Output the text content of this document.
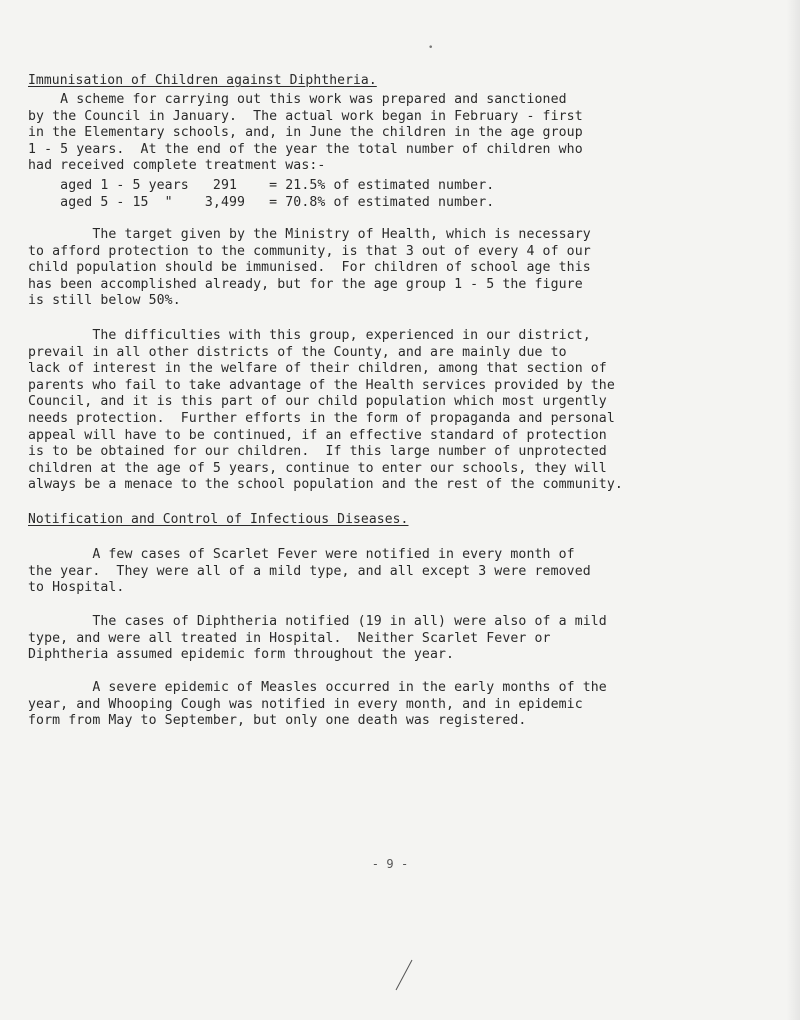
•
Immunisation of Children against Diphtheria.
A scheme for carrying out this work was prepared and sanctioned
by the Council in January.  The actual work began in February - first
in the Elementary schools, and, in June the children in the age group
1 - 5 years.  At the end of the year the total number of children who
had received complete treatment was:-
aged 1 - 5 years   291    = 21.5% of estimated number.
aged 5 - 15  "    3,499   = 70.8% of estimated number.
The target given by the Ministry of Health, which is necessary
to afford protection to the community, is that 3 out of every 4 of our
child population should be immunised.  For children of school age this
has been accomplished already, but for the age group 1 - 5 the figure
is still below 50%.
The difficulties with this group, experienced in our district,
prevail in all other districts of the County, and are mainly due to
lack of interest in the welfare of their children, among that section of
parents who fail to take advantage of the Health services provided by the
Council, and it is this part of our child population which most urgently
needs protection.  Further efforts in the form of propaganda and personal
appeal will have to be continued, if an effective standard of protection
is to be obtained for our children.  If this large number of unprotected
children at the age of 5 years, continue to enter our schools, they will
always be a menace to the school population and the rest of the community.
Notification and Control of Infectious Diseases.
A few cases of Scarlet Fever were notified in every month of
the year.  They were all of a mild type, and all except 3 were removed
to Hospital.
The cases of Diphtheria notified (19 in all) were also of a mild
type, and were all treated in Hospital.  Neither Scarlet Fever or
Diphtheria assumed epidemic form throughout the year.
A severe epidemic of Measles occurred in the early months of the
year, and Whooping Cough was notified in every month, and in epidemic
form from May to September, but only one death was registered.
- 9 -
